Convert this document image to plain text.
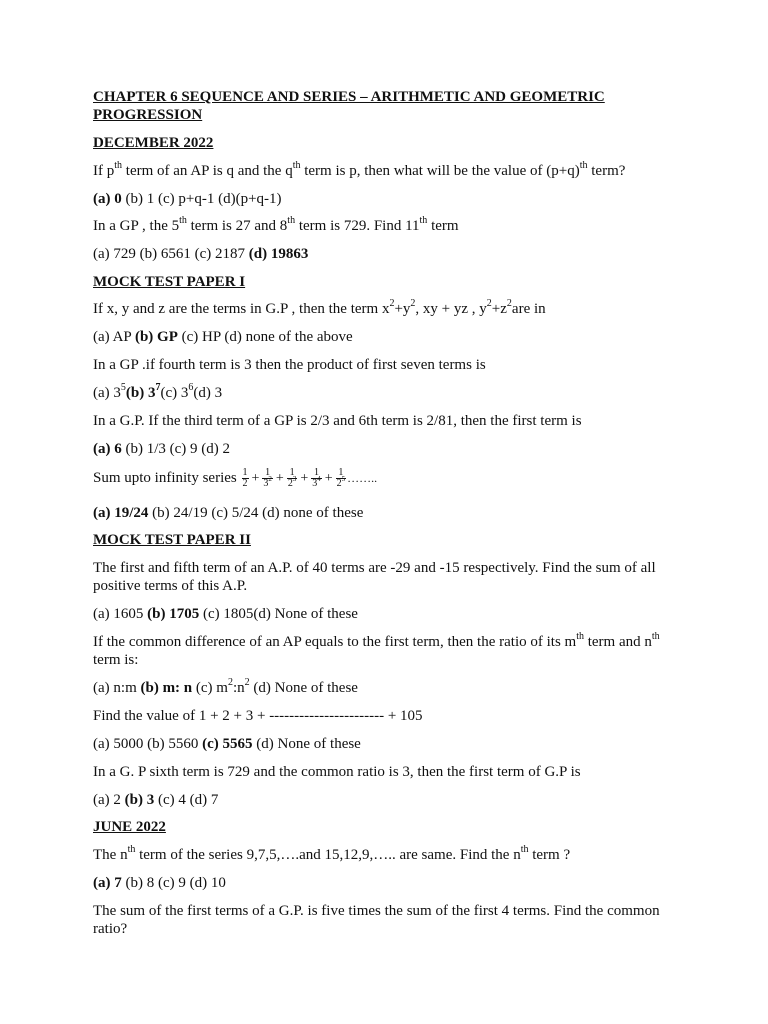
CHAPTER 6 SEQUENCE AND SERIES – ARITHMETIC AND GEOMETRIC PROGRESSION
DECEMBER 2022
If $p^{th}$ term of an AP is q and the $q^{th}$ term is p, then what will be the value of $(p+q)^{th}$ term?
(a) 0 (b) 1 (c) p+q-1 (d)(p+q-1)
In a GP , the 5th term is 27 and 8th term is 729. Find 11th term
(a) 729 (b) 6561 (c) 2187 (d) 19863
MOCK TEST PAPER I
If x, y and z are the terms in G.P , then the term $x^2+y^2$, xy + yz , $y^2+z^2are$ in
(a) AP (b) GP (c) HP (d) none of the above
In a GP .if fourth term is 3 then the product of first seven terms is
(a) $3^5(b)$ $3^7(c)$ $3^6(d)$ 3
In a G.P. If the third term of a GP is 2/3 and 6th term is 2/81, then the first term is
(a) 6 (b) 1/3 (c) 9 (d) 2
Sum upto infinity series $\frac{1}{2} + \frac{1}{3^2} + \frac{1}{2^3} + \frac{1}{3^4} + \frac{1}{2^5}$ ……..
(a) 19/24 (b) 24/19 (c) 5/24 (d) none of these
MOCK TEST PAPER II
The first and fifth term of an A.P. of 40 terms are -29 and -15 respectively. Find the sum of all positive terms of this A.P.
(a) 1605 (b) 1705 (c) 1805(d) None of these
If the common difference of an AP equals to the first term, then the ratio of its $m^{th}$ term and $n^{th}$ term is:
(a) n:m (b) m: n (c) $m^2:n^2$ (d) None of these
Find the value of 1 + 2 + 3 + ----------------------- + 105
(a) 5000 (b) 5560 (c) 5565 (d) None of these
In a G. P sixth term is 729 and the common ratio is 3, then the first term of G.P is
(a) 2 (b) 3 (c) 4 (d) 7
JUNE 2022
The $n^{th}$ term of the series 9,7,5,….and 15,12,9,….. are same. Find the $n^{th}$ term ?
(a) 7 (b) 8 (c) 9 (d) 10
The sum of the first terms of a G.P. is five times the sum of the first 4 terms. Find the common ratio?
